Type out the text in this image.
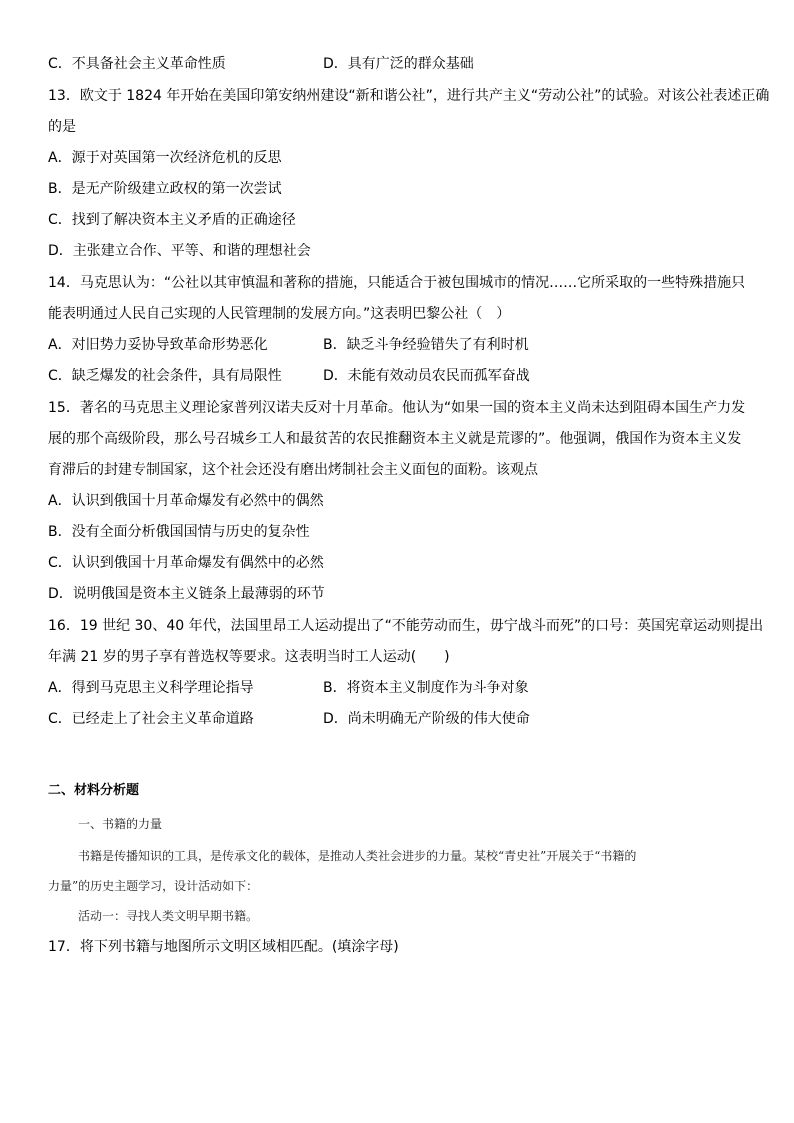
C．不具备社会主义革命性质	D．具有广泛的群众基础
13．欧文于 1824 年开始在美国印第安纳州建设“新和谐公社”，进行共产主义“劳动公社”的试验。对该公社表述正确
的是
A．源于对英国第一次经济危机的反思
B．是无产阶级建立政权的第一次尝试
C．找到了解决资本主义矛盾的正确途径
D．主张建立合作、平等、和谐的理想社会
14．马克思认为：“公社以其审慎温和著称的措施，只能适合于被包围城市的情况……它所采取的一些特殊措施只
能表明通过人民自己实现的人民管理制的发展方向。”这表明巴黎公社（　）
A．对旧势力妥协导致革命形势恶化	B．缺乏斗争经验错失了有利时机
C．缺乏爆发的社会条件，具有局限性	D．未能有效动员农民而孤军奋战
15．著名的马克思主义理论家普列汉诺夫反对十月革命。他认为“如果一国的资本主义尚未达到阻碍本国生产力发
展的那个高级阶段，那么号召城乡工人和最贫苦的农民推翻资本主义就是荒谬的”。他强调，俄国作为资本主义发
育滞后的封建专制国家，这个社会还没有磨出烤制社会主义面包的面粉。该观点
A．认识到俄国十月革命爆发有必然中的偶然
B．没有全面分析俄国国情与历史的复杂性
C．认识到俄国十月革命爆发有偶然中的必然
D．说明俄国是资本主义链条上最薄弱的环节
16．19 世纪 30、40 年代，法国里昂工人运动提出了“不能劳动而生，毋宁战斗而死”的口号：英国宪章运动则提出
年满 21 岁的男子享有普选权等要求。这表明当时工人运动(　　)
A．得到马克思主义科学理论指导	B．将资本主义制度作为斗争对象
C．已经走上了社会主义革命道路	D．尚未明确无产阶级的伟大使命
二、材料分析题
一、书籍的力量
书籍是传播知识的工具，是传承文化的载体，是推动人类社会进步的力量。某校“青史社”开展关于“书籍的
力量”的历史主题学习，设计活动如下：
活动一：寻找人类文明早期书籍。
17．将下列书籍与地图所示文明区域相匹配。(填涂字母)
